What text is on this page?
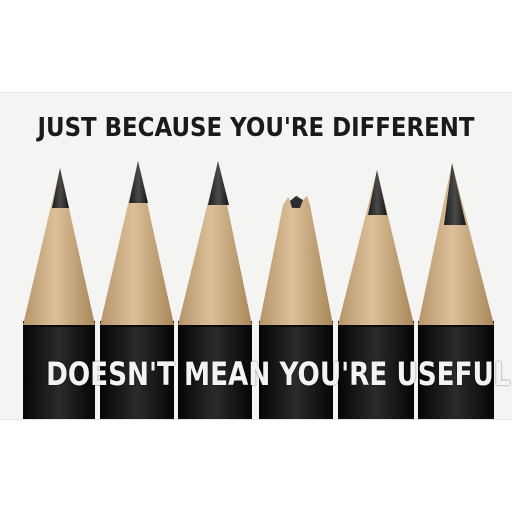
JUST BECAUSE YOU'RE DIFFERENT
DOESN'T MEAN YOU'RE USEFUL
